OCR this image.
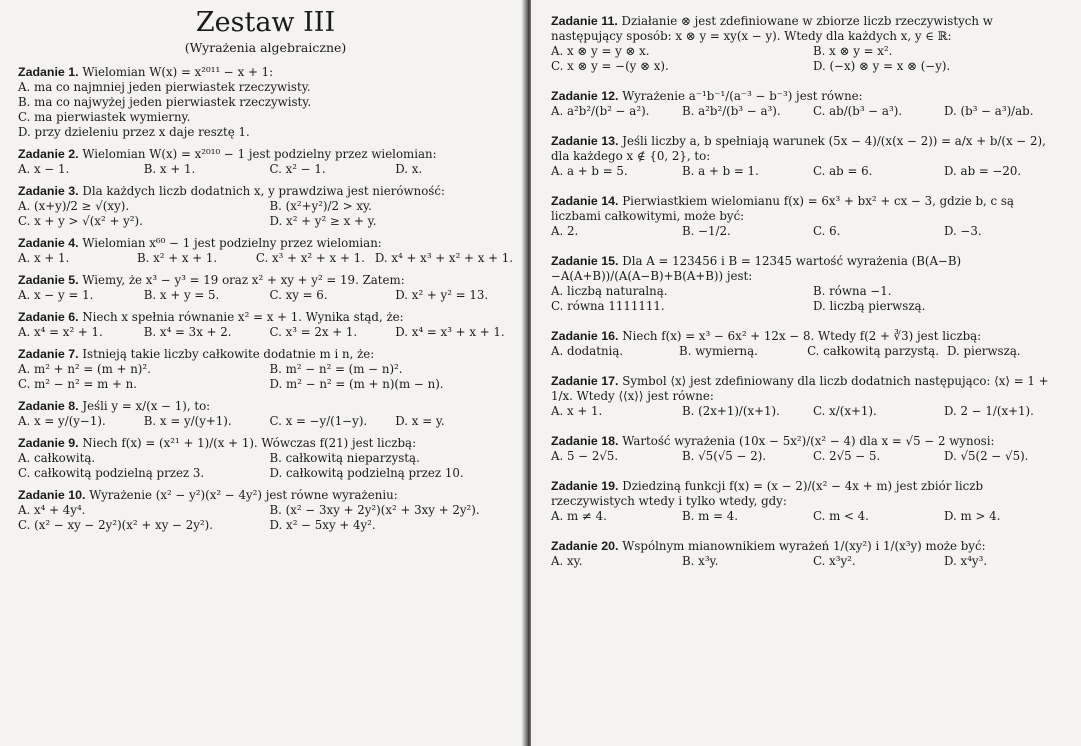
Zestaw III
(Wyrażenia algebraiczne)

Zadanie 1. Wielomian W(x) = x²⁰¹¹ − x + 1:

A. ma co najmniej jeden pierwiastek rzeczywisty.
B. ma co najwyżej jeden pierwiastek rzeczywisty.
C. ma pierwiastek wymierny.
D. przy dzieleniu przez x daje resztę 1.

Zadanie 2. Wielomian W(x) = x²⁰¹⁰ − 1 jest podzielny przez wielomian:

A. x − 1.	B. x + 1.	C. x² − 1.	D. x.

Zadanie 3. Dla każdych liczb dodatnich x, y prawdziwa jest nierówność:

A. (x+y)/2 ≥ √(xy).	B. (x²+y²)/2 > xy.
C. x + y > √(x² + y²).	D. x² + y² ≥ x + y.

Zadanie 4. Wielomian x⁶⁰ − 1 jest podzielny przez wielomian:

A. x + 1.	B. x² + x + 1.	C. x³ + x² + x + 1. D. x⁴ + x³ + x² + x + 1.

Zadanie 5. Wiemy, że x³ − y³ = 19 oraz x² + xy + y² = 19. Zatem:

A. x − y = 1.	B. x + y = 5.	C. xy = 6.	D. x² + y² = 13.

Zadanie 6. Niech x spełnia równanie x² = x + 1. Wynika stąd, że:

A. x⁴ = x² + 1.	B. x⁴ = 3x + 2.	C. x³ = 2x + 1.	D. x⁴ = x³ + x + 1.

Zadanie 7. Istnieją takie liczby całkowite dodatnie m i n, że:

A. m² + n² = (m + n)².	B. m² − n² = (m − n)².
C. m² − n² = m + n.	D. m² − n² = (m + n)(m − n).

Zadanie 8. Jeśli y = x/(x − 1), to:

A. x = y/(y−1).	B. x = y/(y+1).	C. x = −y/(1−y).	D. x = y.

Zadanie 9. Niech f(x) = (x²¹ + 1)/(x + 1). Wówczas f(21) jest liczbą:

A. całkowitą.	B. całkowitą nieparzystą.
C. całkowitą podzielną przez 3.	D. całkowitą podzielną przez 10.

Zadanie 10. Wyrażenie (x² − y²)(x² − 4y²) jest równe wyrażeniu:

A. x⁴ + 4y⁴.	B. (x² − 3xy + 2y²)(x² + 3xy + 2y²).
C. (x² − xy − 2y²)(x² + xy − 2y²).	D. x² − 5xy + 4y².

Zadanie 11. Działanie ⊗ jest zdefiniowane w zbiorze liczb rzeczywistych w następujący sposób: x ⊗ y = xy(x − y). Wtedy dla każdych x, y ∈ ℝ:

A. x ⊗ y = y ⊗ x.	B. x ⊗ y = x².
C. x ⊗ y = −(y ⊗ x).	D. (−x) ⊗ y = x ⊗ (−y).

Zadanie 12. Wyrażenie a⁻¹b⁻¹/(a⁻³ − b⁻³) jest równe:

A. a²b²/(b² − a²).	B. a²b²/(b³ − a³).	C. ab/(b³ − a³).	D. (b³ − a³)/ab.

Zadanie 13. Jeśli liczby a, b spełniają warunek (5x − 4)/(x(x − 2)) = a/x + b/(x − 2), dla każdego x ∉ {0, 2}, to:

A. a + b = 5.	B. a + b = 1.	C. ab = 6.	D. ab = −20.

Zadanie 14. Pierwiastkiem wielomianu f(x) = 6x³ + bx² + cx − 3, gdzie b, c są liczbami całkowitymi, może być:

A. 2.	B. −1/2.	C. 6.	D. −3.

Zadanie 15. Dla A = 123456 i B = 12345 wartość wyrażenia (B(A−B)−A(A+B))/(A(A−B)+B(A+B)) jest:

A. liczbą naturalną.	B. równa −1.
C. równa 1111111.	D. liczbą pierwszą.

Zadanie 16. Niech f(x) = x³ − 6x² + 12x − 8. Wtedy f(2 + ∛3) jest liczbą:

A. dodatnią.	B. wymierną.	C. całkowitą parzystą. D. pierwszą.

Zadanie 17. Symbol ⟨x⟩ jest zdefiniowany dla liczb dodatnich następująco: ⟨x⟩ = 1 + 1/x. Wtedy ⟨⟨x⟩⟩ jest równe:

A. x + 1.	B. (2x+1)/(x+1).	C. x/(x+1).	D. 2 − 1/(x+1).

Zadanie 18. Wartość wyrażenia (10x − 5x²)/(x² − 4) dla x = √5 − 2 wynosi:

A. 5 − 2√5.	B. √5(√5 − 2).	C. 2√5 − 5.	D. √5(2 − √5).

Zadanie 19. Dziedziną funkcji f(x) = (x − 2)/(x² − 4x + m) jest zbiór liczb rzeczywistych wtedy i tylko wtedy, gdy:

A. m ≠ 4.	B. m = 4.	C. m < 4.	D. m > 4.

Zadanie 20. Wspólnym mianownikiem wyrażeń 1/(xy²) i 1/(x³y) może być:

A. xy.	B. x³y.	C. x³y².	D. x⁴y³.
